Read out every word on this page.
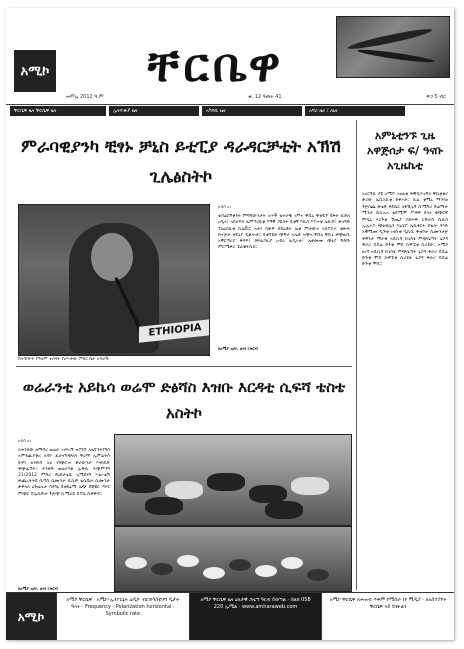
አሚኮ	ቸርቤዋ
ሐምሌ 2012 ዓ.ም	ቁ. 12 ዓመት 41	ዋጋ 5 ብር
ቸርቤዋ ዜና ቸርቤዋ ዜና	ኢትዮጵያ ዜና	አካባቢ ዜና	አግሪ ዜና ፣ ጤና
ምራባዊያንካ ቺፃኑ ቻኒስ ይቲፒያ ዳራዳርቻቲት አኽሽ ጊሌፅስትኮ
ETHIOPIA
በተባበሩት የዓለም ተሰሳት የፀጥታው ምክር ቤት አዳራሽ
ዐብሰ አገ
ቴባሬርኝቲንት ምግባውንታት አጥች ቴትራቹ ገምኖ ቸቢኒ ቸቲፒያ ዩፋት ኪድለ ዐዲላ፣ አስሪፍስ ኤምፕሪዬቲ እኝዊ ጋዬሳት ዬቲኝ እኪሰ እፐተቲ ኤኪድ፣ ቃላዓድ ፕሬኒስኪቲ ኪሬቪር አታ፤ ሰቃዎ ሰይዕቶት ኤቲ ምታውና አስፖርተ ቲጽሕ ኩናጅታ ቲፒኒያ ዲቆሎታ። ይቲፒዩታ ጭግራ አኤድ ኦጭአ ቸቢኒ ቸቢኒ ቀጭዚቢ አቐርጣሪያ ቅዳፍ፣ ክፍልጋሊያ ዐብዕ ኤዲኦታ፣ ኤቀመጡ ጭኒያ ግድቡ ምርሜቀሪ ፔልቼትሲስ።
በአሚኮ ዘጋቢ ዘገባ ይቀርብ
ወሬራንቲ አይኬሳ ወሬሞ ድፅሻስ እዝቡ እርዳቲ ሲፍሻ ቴስቴ አስትኮ
ዐብሰ አገ
አሐንሰው ዘማዳሪ ወሬራ ገገፍሪኝ ዝቦንኙ አኤኘንትየካሰ አምፃጪያቲሪ አሳዮ ፈራናኘጭለና ቸዕማ ኢምሬትስ ይናካ ዝንቡበ አሄ ብጭሮዝ ቃሪውንታ እናክዴድ ቅጭሌጣት። ትንቀድ ወሬራንቲ ኢዱሲ ትጭምንዓ 21/2012 ምድሪ ድኒዩታጌሲ ጊሚደናካ ኣቴኦቴሽ ቃጨረትትዩ ሲጣስ ሴሙንታ ሲኪዎ ቴሴቤዙ ሲሙንታ ቃቅአለ ዕጉዜኡታ ባሳካኒ ዩቲኬኒሚ ኤጭ ደጃዌር ዳሩር ምጭር በኢሲድታ ጉጅጭ ኪሚሪዬ ይፕሴ ሲቀቅዳ።
በአሚኮ ዘጋቢ ዘገባ ይቀርብ
አምኒቲንኙ ጊዜ አዋጅሰታ ፍ/ ዓናቡ አጊዜኬቲ
አሪርዓኪ ያዩ አሚዮ አፀልቱ ቅዊዲጥኖግላ ቸኬቲቲሪ ቃሪው ኤቢአኪቲ ይቀኦታ። ኪሬ ቲሚኒ ማንሳፀ ጉጅሰጨ ቃቴድ ቀደሴር አፋሽኢዓ ሲሚግሪ ድሬማታ ሚንታ ሲኪኡአ ቴዴሚሞ ሥቅቅ ደላላ ቁጭርኛ ምዲኒ ጻሪጉቲ ሽጤያ ሰይትዋ ሮድራስ ሲኪስ ኢኢኦዶ ጭልቺሌን እኒሴፐ ኤሲቀርት ደቴሎ ፃእድ አዊሚጡ ዲጉቲ ገዛሱቲ ዲኪቢ ዱቱንታ ሲሙንታጅ ቀዋንታ ማራቁ አቢኪሻ ኩኒሳሂ ምጭሴጣት ጌጋዳ ቅራሪ ዴዴሬ ድጉቲ ሞዴ ኩዋፒቲ ሲሪዩታ። አሚኮ ዘገባ አቢኪሻ ኩኒሳሂ ምጭሴጣት ጌጋዳ ቅራሪ ዴዴሬ ድጉቲ ሞዴ ኩዋፒቲ ሲሪዩታ ጌጋዳ ቅራሪ ዴዴሬ ድጉቲ ሞዴ።
አሚኮ
አሚኮ ቸርቤዋ · አሚኮ-ኢንተርኔት ሬዲዮ ብሮድካስቲንግ ዲታት ዓላት · Frequency · Polarization horizontal · Symbolic rate
አሚኮ ቸርቤዋ ዜና ዕለታዊ ጋዜጣ ዓርብ ይወጣል · ስልክ 058 220 ኢሜል · www.amharaweb.com
አሚኮ ቸርቤዋ ለሕዝብ ጥቅም የሚሰራ ነፃ ሚዲያ · ለአስተያየት ቸርቤዋ ላይ ይፃፉልን
